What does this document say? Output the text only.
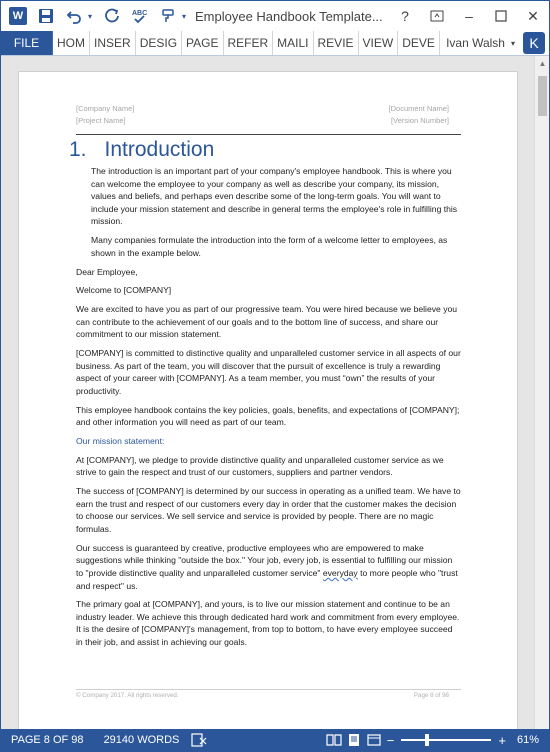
W	▾	ABC	▾ Employee Handbook Template...	?	–	✕
FILE	HOM INSER DESIG PAGE REFER MAILI REVIE VIEW DEVE Ivan Walsh ▾	K
[Company Name]	[Document Name]
[Project Name]	[Version Number]
1. Introduction

The introduction is an important part of your company's employee handbook. This is where you can welcome the employee to your company as well as describe your company, its mission, values and beliefs, and perhaps even describe some of the long-term goals. You will want to include your mission statement and describe in general terms the employee's role in fulfilling this mission.

Many companies formulate the introduction into the form of a welcome letter to employees, as shown in the example below.

Dear Employee,

Welcome to [COMPANY]

We are excited to have you as part of our progressive team. You were hired because we believe you can contribute to the achievement of our goals and to the bottom line of success, and share our commitment to our mission statement.

[COMPANY] is committed to distinctive quality and unparalleled customer service in all aspects of our business. As part of the team, you will discover that the pursuit of excellence is truly a rewarding aspect of your career with [COMPANY]. As a team member, you must “own” the results of your productivity.

This employee handbook contains the key policies, goals, benefits, and expectations of [COMPANY]; and other information you will need as part of our team.

Our mission statement:

At [COMPANY], we pledge to provide distinctive quality and unparalleled customer service as we strive to gain the respect and trust of our customers, suppliers and partner vendors.

The success of [COMPANY] is determined by our success in operating as a unified team. We have to earn the trust and respect of our customers every day in order that the customer makes the decision to choose our services. We sell service and service is provided by people. There are no magic formulas.

Our success is guaranteed by creative, productive employees who are empowered to make suggestions while thinking "outside the box." Your job, every job, is essential to fulfilling our mission to "provide distinctive quality and unparalleled customer service" everyday to more people who "trust and respect" us.

The primary goal at [COMPANY], and yours, is to live our mission statement and continue to be an industry leader. We achieve this through dedicated hard work and commitment from every employee. It is the desire of [COMPANY]'s management, from top to bottom, to have every employee succeed in their job, and assist in achieving our goals.

© Company 2017. All rights reserved.	Page 8 of 98
▲
PAGE 8 OF 98	29140 WORDS	−	+	61%
